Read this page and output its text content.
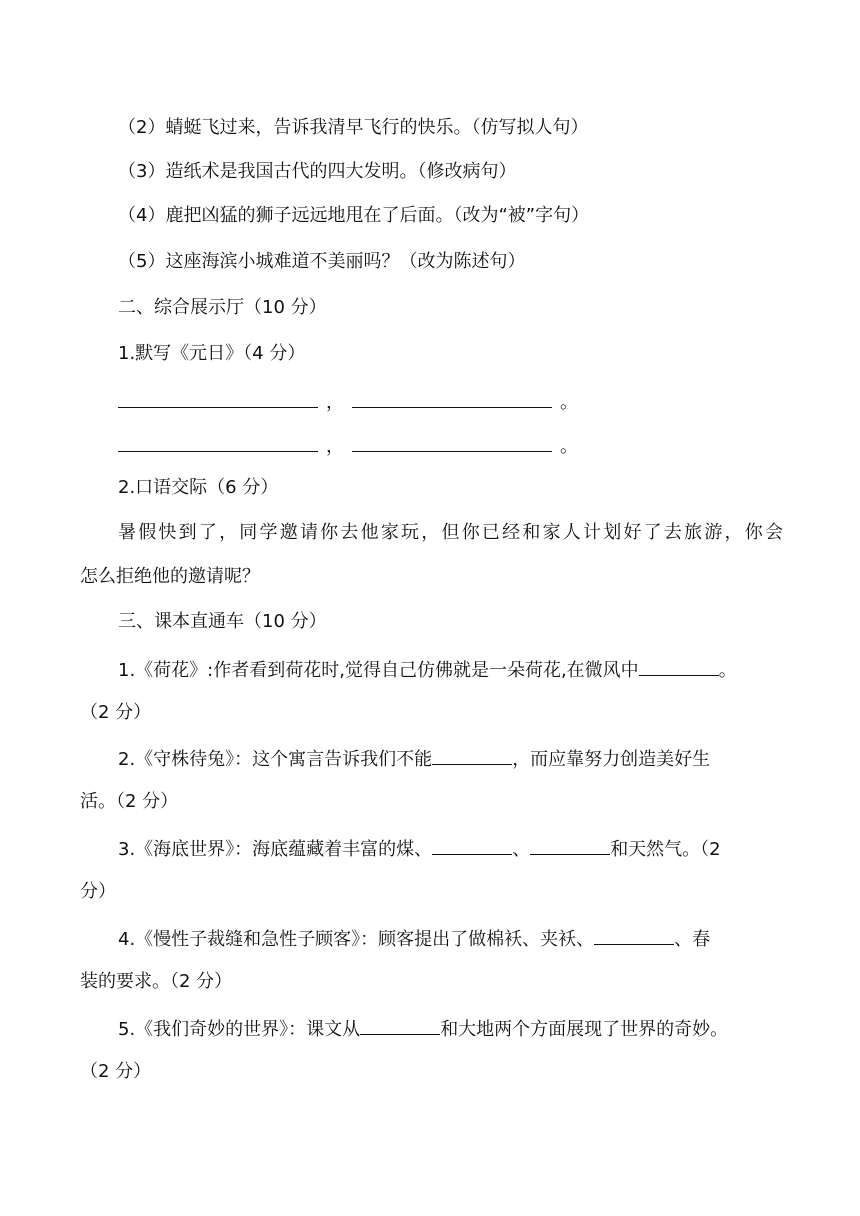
（2）蜻蜓飞过来，告诉我清早飞行的快乐。（仿写拟人句）
（3）造纸术是我国古代的四大发明。（修改病句）
（4）鹿把凶猛的狮子远远地甩在了后面。（改为“被”字句）
（5）这座海滨小城难道不美丽吗？（改为陈述句）
二、综合展示厅（10 分）
1.默写《元日》（4 分）
，	。
，	。
2.口语交际（6 分）
暑假快到了，同学邀请你去他家玩，但你已经和家人计划好了去旅游，你会
怎么拒绝他的邀请呢？
三、课本直通车（10 分）
1.《荷花》:作者看到荷花时,觉得自己仿佛就是一朵荷花,在微风中	。
（2 分）
2.《守株待兔》：这个寓言告诉我们不能	，而应靠努力创造美好生
活。（2 分）
3.《海底世界》：海底蕴藏着丰富的煤、	、	和天然气。（2
分）
4.《慢性子裁缝和急性子顾客》：顾客提出了做棉袄、夹袄、	、春
装的要求。（2 分）
5.《我们奇妙的世界》：课文从	和大地两个方面展现了世界的奇妙。
（2 分）
